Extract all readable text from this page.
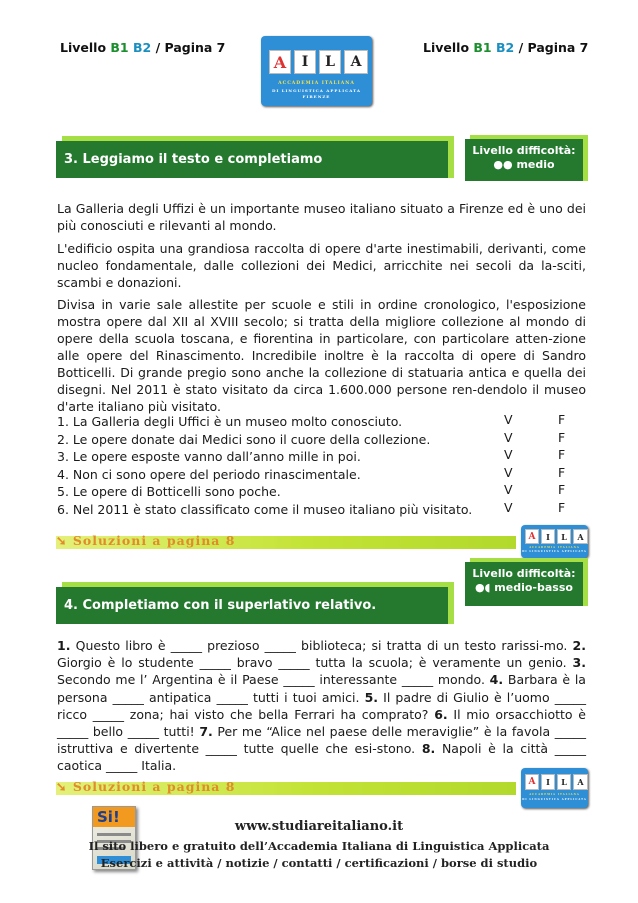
Livello B1 B2 / Pagina 7	Livello B1 B2 / Pagina 7
A	I	L	A
ACCADEMIA ITALIANA
DI LINGUISTICA APPLICATA
FIRENZE
3. Leggiamo il testo e completiamo
Livello difficoltà:
●● medio

La Galleria degli Uffizi è un importante museo italiano situato a Firenze ed è uno dei più conosciuti e rilevanti al mondo.

L'edificio ospita una grandiosa raccolta di opere d'arte inestimabili, derivanti, come nucleo fondamentale, dalle collezioni dei Medici, arricchite nei secoli da la-sciti, scambi e donazioni.

Divisa in varie sale allestite per scuole e stili in ordine cronologico, l'esposizione mostra opere dal XII al XVIII secolo; si tratta della migliore collezione al mondo di opere della scuola toscana, e fiorentina in particolare, con particolare atten-zione alle opere del Rinascimento. Incredibile inoltre è la raccolta di opere di Sandro Botticelli. Di grande pregio sono anche la collezione di statuaria antica e quella dei disegni. Nel 2011 è stato visitato da circa 1.600.000 persone ren-dendolo il museo d'arte italiano più visitato.

1. La Galleria degli Uffici è un museo molto conosciuto.	V	F
2. Le opere donate dai Medici sono il cuore della collezione.	V	F
3. Le opere esposte vanno dall’anno mille in poi.	V	F
4. Non ci sono opere del periodo rinascimentale.	V	F
5. Le opere di Botticelli sono poche.	V	F
6. Nel 2011 è stato classificato come il museo italiano più visitato.	V	F
➘ Soluzioni a pagina 8	A	I	L	A
ACCADEMIA ITALIANA
DI LINGUISTICA APPLICATA
4. Completiamo con il superlativo relativo.
Livello difficoltà:
●◖ medio-basso

1. Questo libro è _____ prezioso _____ biblioteca; si tratta di un testo rarissi-mo. 2. Giorgio è lo studente _____ bravo _____ tutta la scuola; è veramente un genio. 3. Secondo me l’ Argentina è il Paese _____ interessante _____ mondo. 4. Barbara è la persona _____ antipatica _____ tutti i tuoi amici. 5. Il padre di Giulio è l’uomo _____ ricco _____ zona; hai visto che bella Ferrari ha comprato? 6. Il mio orsacchiotto è _____ bello _____ tutti! 7. Per me “Alice nel paese delle meraviglie” è la favola _____ istruttiva e divertente _____ tutte quelle che esi-stono. 8. Napoli è la città _____ caotica _____ Italia.

➘ Soluzioni a pagina 8	A	I	L	A
ACCADEMIA ITALIANA
DI LINGUISTICA APPLICATA
Si!
www.studiareitaliano.it
Il sito libero e gratuito dell’Accademia Italiana di Linguistica Applicata
Esercizi e attività / notizie / contatti / certificazioni / borse di studio
